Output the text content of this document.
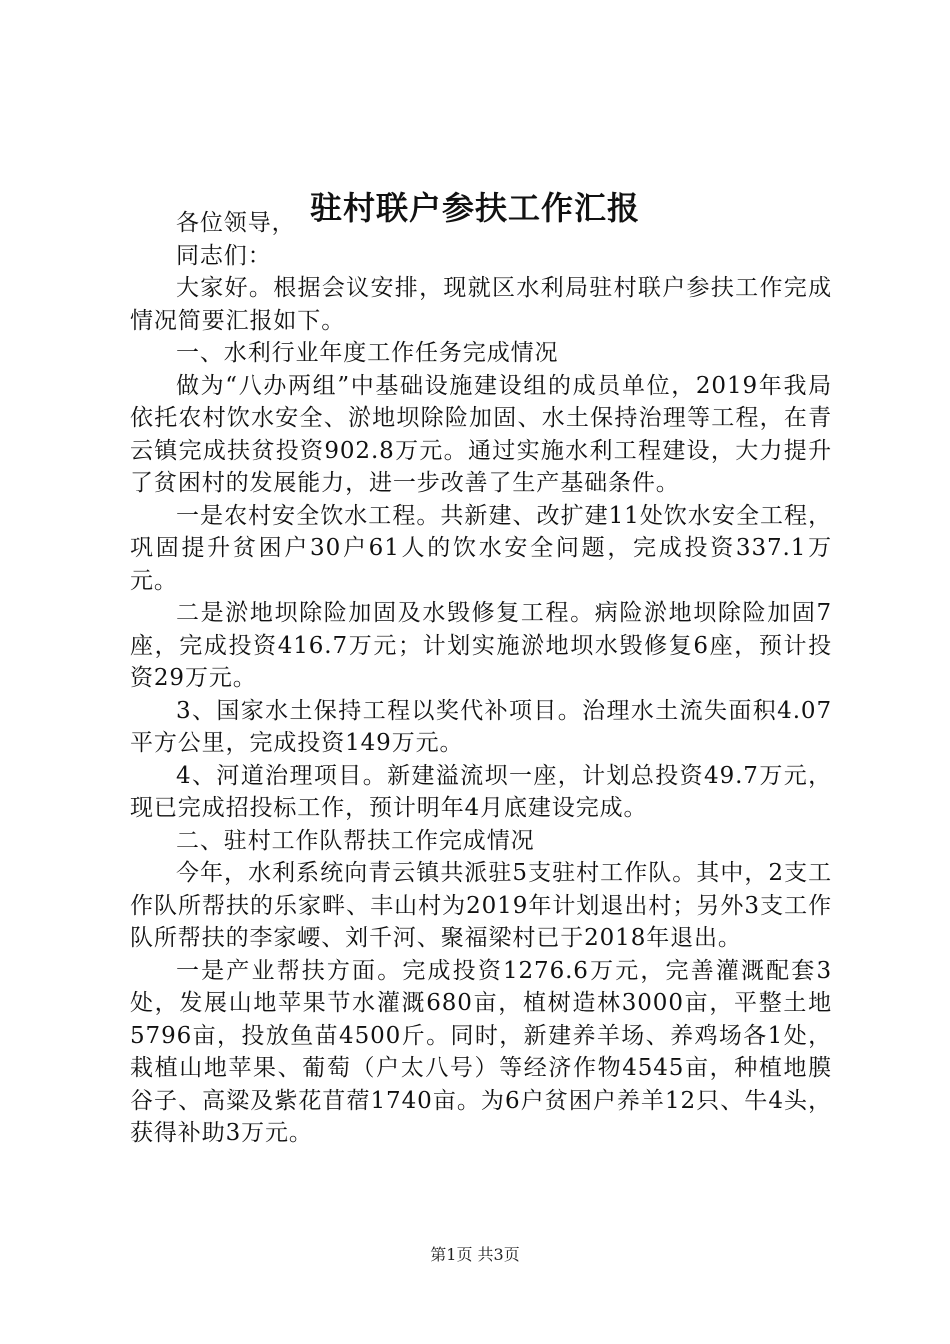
驻村联户参扶工作汇报

各位领导，

同志们：

大家好。根据会议安排，现就区水利局驻村联户参扶工作完成情况简要汇报如下。

一、水利行业年度工作任务完成情况

做为“八办两组”中基础设施建设组的成员单位，2019年我局依托农村饮水安全、淤地坝除险加固、水土保持治理等工程，在青云镇完成扶贫投资902.8万元。通过实施水利工程建设，大力提升了贫困村的发展能力，进一步改善了生产基础条件。

一是农村安全饮水工程。共新建、改扩建11处饮水安全工程，巩固提升贫困户30户61人的饮水安全问题，完成投资337.1万元。

二是淤地坝除险加固及水毁修复工程。病险淤地坝除险加固7座，完成投资416.7万元；计划实施淤地坝水毁修复6座，预计投资29万元。

3、国家水土保持工程以奖代补项目。治理水土流失面积4.07平方公里，完成投资149万元。

4、河道治理项目。新建溢流坝一座，计划总投资49.7万元，现已完成招投标工作，预计明年4月底建设完成。

二、驻村工作队帮扶工作完成情况

今年，水利系统向青云镇共派驻5支驻村工作队。其中，2支工作队所帮扶的乐家畔、丰山村为2019年计划退出村；另外3支工作队所帮扶的李家崾、刘千河、聚福梁村已于2018年退出。

一是产业帮扶方面。完成投资1276.6万元，完善灌溉配套3处，发展山地苹果节水灌溉680亩，植树造林3000亩，平整土地5796亩，投放鱼苗4500斤。同时，新建养羊场、养鸡场各1处，栽植山地苹果、葡萄（户太八号）等经济作物4545亩，种植地膜谷子、高粱及紫花苜蓿1740亩。为6户贫困户养羊12只、牛4头，获得补助3万元。

第1页 共3页
